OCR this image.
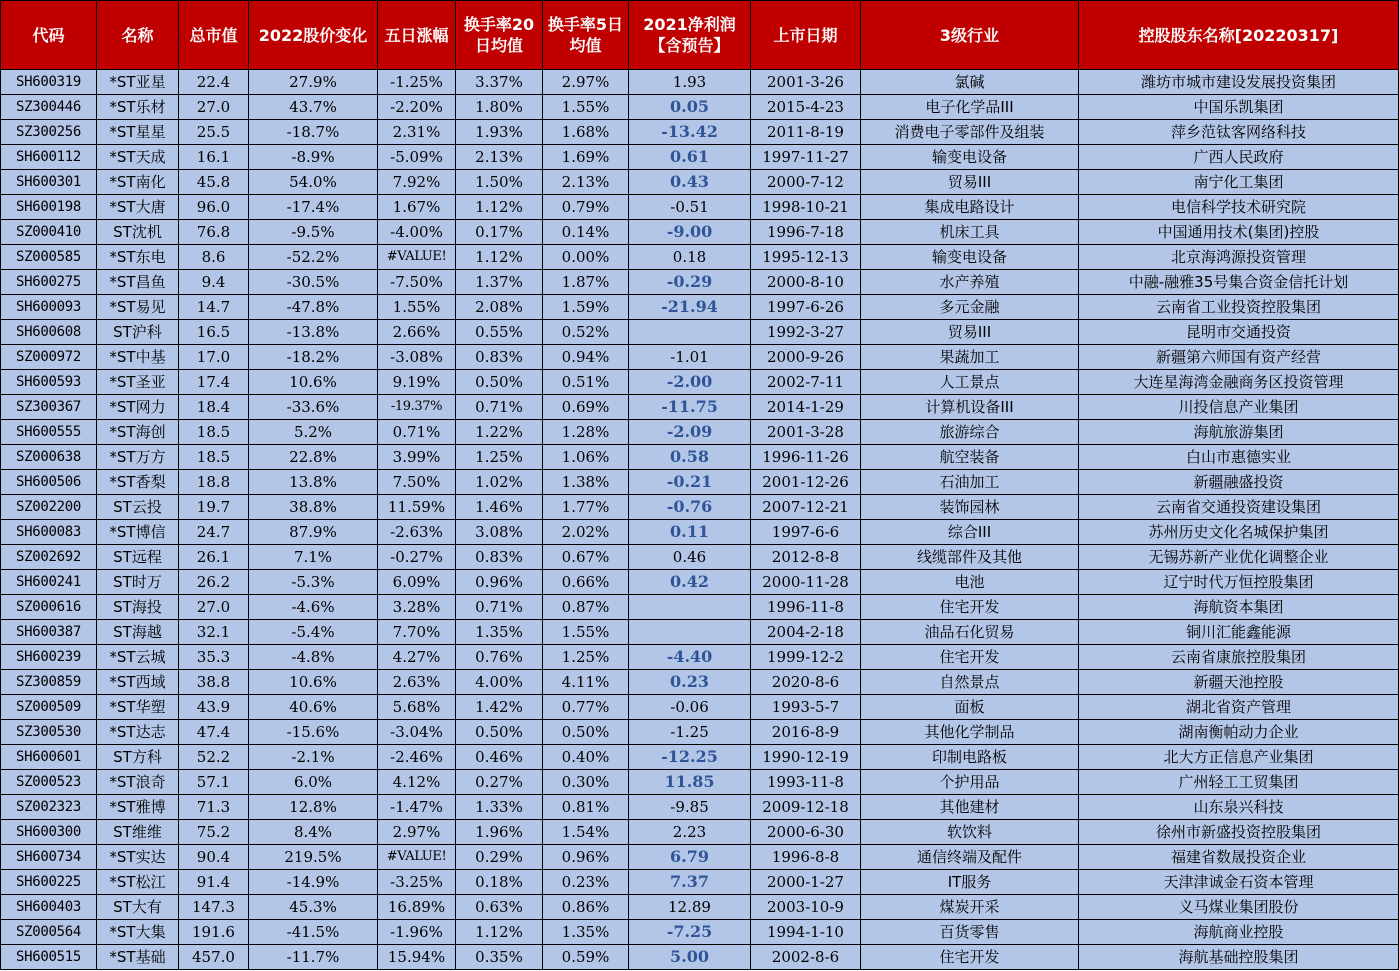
代码	名称	总市值	2022股价变化	五日涨幅	换手率20日均值	换手率5日均值	2021净利润【含预告】	上市日期	3级行业	控股股东名称[20220317]
SH600319	*ST亚星	22.4	27.9%	-1.25%	3.37%	2.97%	1.93	2001-3-26	氯碱	潍坊市城市建设发展投资集团
SZ300446	*ST乐材	27.0	43.7%	-2.20%	1.80%	1.55%	0.05	2015-4-23	电子化学品III	中国乐凯集团
SZ300256	*ST星星	25.5	-18.7%	2.31%	1.93%	1.68%	-13.42	2011-8-19	消费电子零部件及组装	萍乡范钛客网络科技
SH600112	*ST天成	16.1	-8.9%	-5.09%	2.13%	1.69%	0.61	1997-11-27	输变电设备	广西人民政府
SH600301	*ST南化	45.8	54.0%	7.92%	1.50%	2.13%	0.43	2000-7-12	贸易III	南宁化工集团
SH600198	*ST大唐	96.0	-17.4%	1.67%	1.12%	0.79%	-0.51	1998-10-21	集成电路设计	电信科学技术研究院
SZ000410	ST沈机	76.8	-9.5%	-4.00%	0.17%	0.14%	-9.00	1996-7-18	机床工具	中国通用技术(集团)控股
SZ000585	*ST东电	8.6	-52.2%	#VALUE!	1.12%	0.00%	0.18	1995-12-13	输变电设备	北京海鸿源投资管理
SH600275	*ST昌鱼	9.4	-30.5%	-7.50%	1.37%	1.87%	-0.29	2000-8-10	水产养殖	中融-融雅35号集合资金信托计划
SH600093	*ST易见	14.7	-47.8%	1.55%	2.08%	1.59%	-21.94	1997-6-26	多元金融	云南省工业投资控股集团
SH600608	ST沪科	16.5	-13.8%	2.66%	0.55%	0.52%		1992-3-27	贸易III	昆明市交通投资
SZ000972	*ST中基	17.0	-18.2%	-3.08%	0.83%	0.94%	-1.01	2000-9-26	果蔬加工	新疆第六师国有资产经营
SH600593	*ST圣亚	17.4	10.6%	9.19%	0.50%	0.51%	-2.00	2002-7-11	人工景点	大连星海湾金融商务区投资管理
SZ300367	*ST网力	18.4	-33.6%	-19.37%	0.71%	0.69%	-11.75	2014-1-29	计算机设备III	川投信息产业集团
SH600555	*ST海创	18.5	5.2%	0.71%	1.22%	1.28%	-2.09	2001-3-28	旅游综合	海航旅游集团
SZ000638	*ST万方	18.5	22.8%	3.99%	1.25%	1.06%	0.58	1996-11-26	航空装备	白山市惠德实业
SH600506	*ST香梨	18.8	13.8%	7.50%	1.02%	1.38%	-0.21	2001-12-26	石油加工	新疆融盛投资
SZ002200	ST云投	19.7	38.8%	11.59%	1.46%	1.77%	-0.76	2007-12-21	装饰园林	云南省交通投资建设集团
SH600083	*ST博信	24.7	87.9%	-2.63%	3.08%	2.02%	0.11	1997-6-6	综合III	苏州历史文化名城保护集团
SZ002692	ST远程	26.1	7.1%	-0.27%	0.83%	0.67%	0.46	2012-8-8	线缆部件及其他	无锡苏新产业优化调整企业
SH600241	ST时万	26.2	-5.3%	6.09%	0.96%	0.66%	0.42	2000-11-28	电池	辽宁时代万恒控股集团
SZ000616	ST海投	27.0	-4.6%	3.28%	0.71%	0.87%		1996-11-8	住宅开发	海航资本集团
SH600387	ST海越	32.1	-5.4%	7.70%	1.35%	1.55%		2004-2-18	油品石化贸易	铜川汇能鑫能源
SH600239	*ST云城	35.3	-4.8%	4.27%	0.76%	1.25%	-4.40	1999-12-2	住宅开发	云南省康旅控股集团
SZ300859	*ST西域	38.8	10.6%	2.63%	4.00%	4.11%	0.23	2020-8-6	自然景点	新疆天池控股
SZ000509	*ST华塑	43.9	40.6%	5.68%	1.42%	0.77%	-0.06	1993-5-7	面板	湖北省资产管理
SZ300530	*ST达志	47.4	-15.6%	-3.04%	0.50%	0.50%	-1.25	2016-8-9	其他化学制品	湖南衡帕动力企业
SH600601	ST方科	52.2	-2.1%	-2.46%	0.46%	0.40%	-12.25	1990-12-19	印制电路板	北大方正信息产业集团
SZ000523	*ST浪奇	57.1	6.0%	4.12%	0.27%	0.30%	11.85	1993-11-8	个护用品	广州轻工工贸集团
SZ002323	*ST雅博	71.3	12.8%	-1.47%	1.33%	0.81%	-9.85	2009-12-18	其他建材	山东泉兴科技
SH600300	ST维维	75.2	8.4%	2.97%	1.96%	1.54%	2.23	2000-6-30	软饮料	徐州市新盛投资控股集团
SH600734	*ST实达	90.4	219.5%	#VALUE!	0.29%	0.96%	6.79	1996-8-8	通信终端及配件	福建省数晟投资企业
SH600225	*ST松江	91.4	-14.9%	-3.25%	0.18%	0.23%	7.37	2000-1-27	IT服务	天津津诚金石资本管理
SH600403	ST大有	147.3	45.3%	16.89%	0.63%	0.86%	12.89	2003-10-9	煤炭开采	义马煤业集团股份
SZ000564	*ST大集	191.6	-41.5%	-1.96%	1.12%	1.35%	-7.25	1994-1-10	百货零售	海航商业控股
SH600515	*ST基础	457.0	-11.7%	15.94%	0.35%	0.59%	5.00	2002-8-6	住宅开发	海航基础控股集团
